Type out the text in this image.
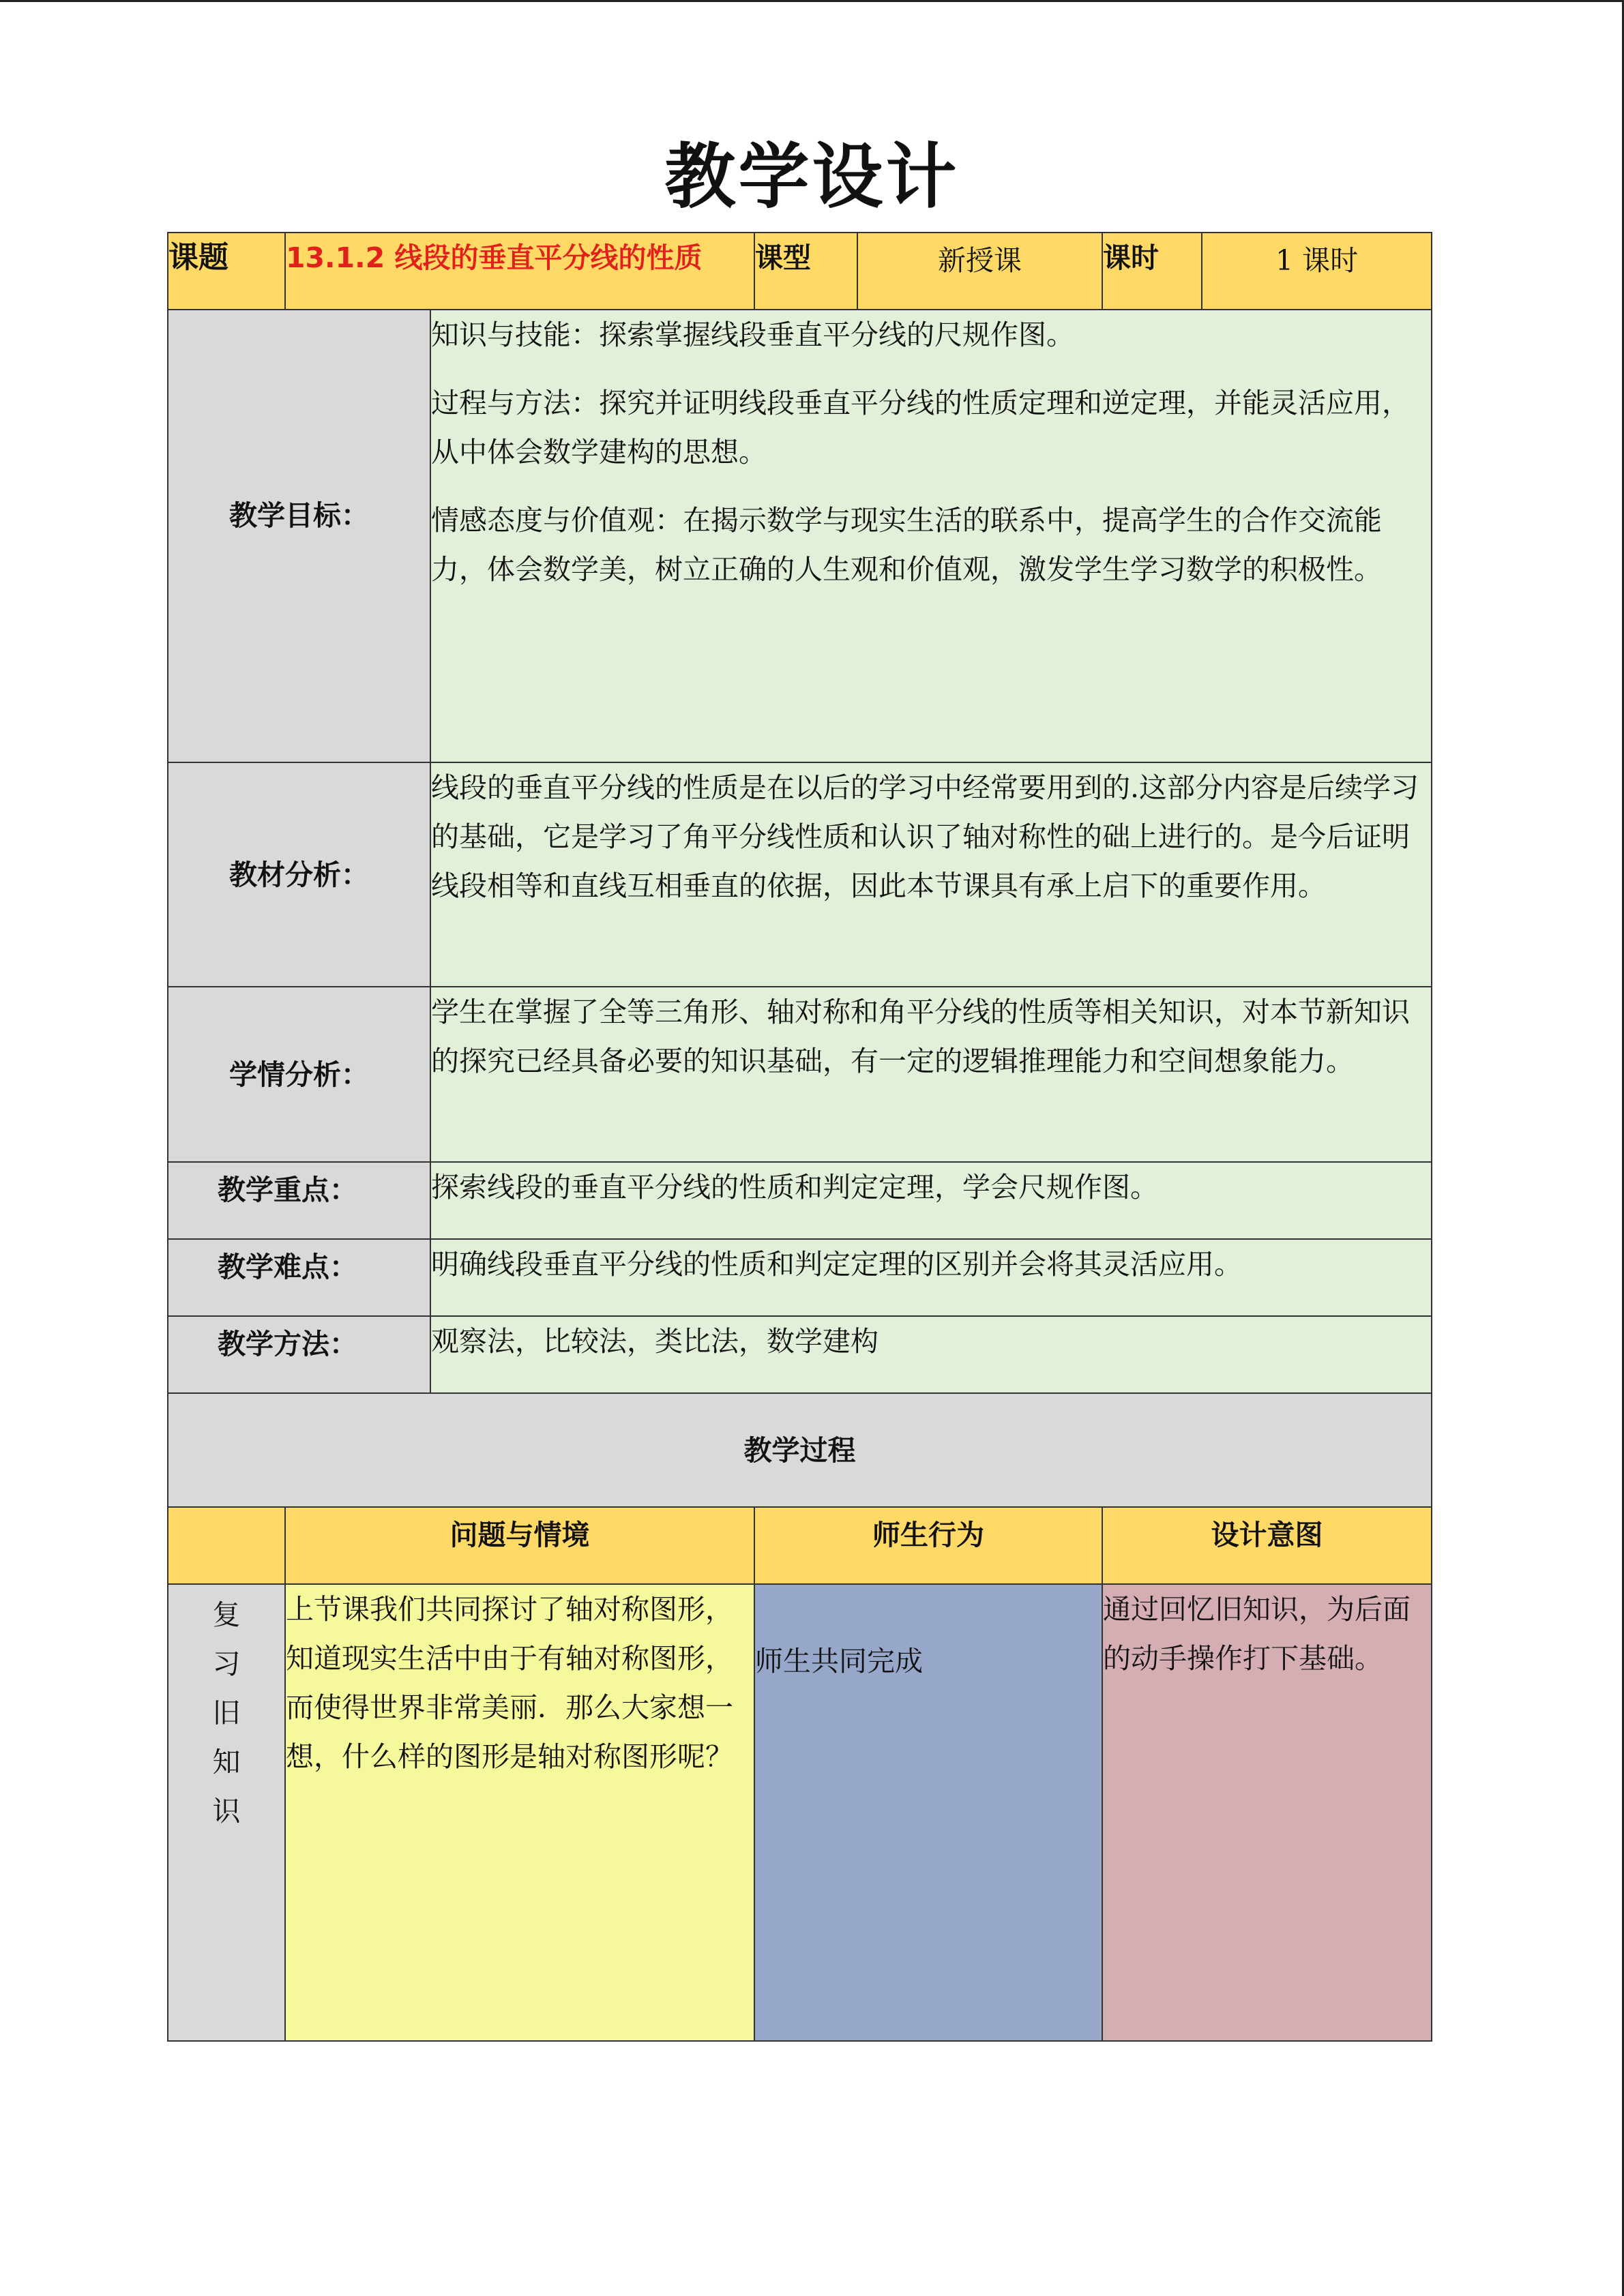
教学设计
课题	13.1.2 线段的垂直平分线的性质		课型	新授课	课时	1 课时
教学目标：		知识与技能：探索掌握线段垂直平分线的尺规作图。

过程与方法：探究并证明线段垂直平分线的性质定理和逆定理，并能灵活应用，从中体会数学建构的思想。

情感态度与价值观：在揭示数学与现实生活的联系中，提高学生的合作交流能力，体会数学美，树立正确的人生观和价值观，激发学生学习数学的积极性。				

教材分析：		线段的垂直平分线的性质是在以后的学习中经常要用到的.这部分内容是后续学习的基础，它是学习了角平分线性质和认识了轴对称性的础上进行的。是今后证明线段相等和直线互相垂直的依据，因此本节课具有承上启下的重要作用。				
学情分析：		学生在掌握了全等三角形、轴对称和角平分线的性质等相关知识，对本节新知识的探究已经具备必要的知识基础，有一定的逻辑推理能力和空间想象能力。				
教学重点：		探索线段的垂直平分线的性质和判定定理，学会尺规作图。				
教学难点：		明确线段垂直平分线的性质和判定定理的区别并会将其灵活应用。				
教学方法：		观察法，比较法，类比法，数学建构				
教学过程						
	问题与情境		师生行为		设计意图	

复
习
旧
知
识	上节课我们共同探讨了轴对称图形，知道现实生活中由于有轴对称图形，而使得世界非常美丽．那么大家想一想，什么样的图形是轴对称图形呢？		师生共同完成		通过回忆旧知识，为后面的动手操作打下基础。	
